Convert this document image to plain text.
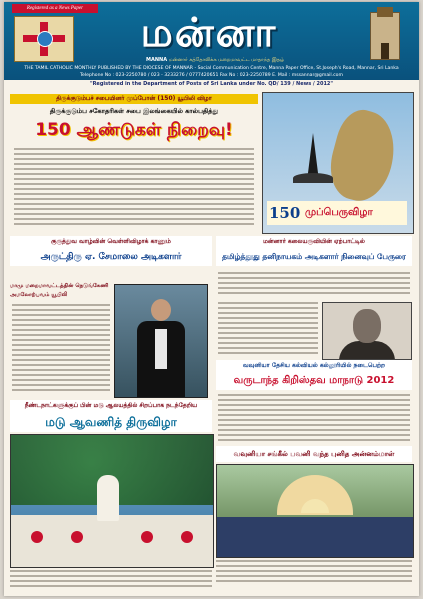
Registered as a News Paper
மன்னா
MANNA மன்னார் கத்தோலிக்க மறைமாவட்ட மாதாந்த இதழ்
THE TAMIL CATHOLIC MONTHLY PUBLISHED BY THE DIOCESE OF MANNAR - Social Communication Centre, Manna Paper Office, St.Joseph's Road, Mannar, Sri Lanka
Telephone No : 023-2250780 / 023 - 3233276 / 0777420651 Fax No : 023-2250789 E. Mail : mssannar@gmail.com
"Registered in the Department of Posts of Sri Lanka under No. QD/ 139 / News / 2012"
திருக்குடும்பச் சபையினர் முப்போன் (150) யூபிலி விழா
திருக்குடும்ப சகோதரிகள் சபை இலங்கையில் கால்பதித்து
150 ஆண்டுகள் நிறைவு!
150 முப்பெருவிழா
குருத்துவ வாழ்வின் வெள்ளிவிழாக் காணும்
அருட்திரு ஏ. சேமாலை அடிகளார்
மாமு மறைமாவட்டத்தின் நெடுங்கேணி அமலோற்பவம் யூபிலி
மன்னார் கலையருவியின் ஏற்பாட்டில்
தமிழ்த்தூது தனிநாயகம் அடிகளார் நினைவுப் பேருரை
வவுனியா தேசிய கல்வியல் கல்லூரியில் நடைபெற்ற
வருடாந்த கிறிஸ்தவ மாநாடு 2012
நீண்டநாட்களுக்குப் பின் மடு ஆலயத்தில் சிறப்பாக நடந்தேறிய
மடு ஆவணித் திருவிழா
வவுனியா சங்கீல் பவனி வந்த புனித அன்னம்மாள்
